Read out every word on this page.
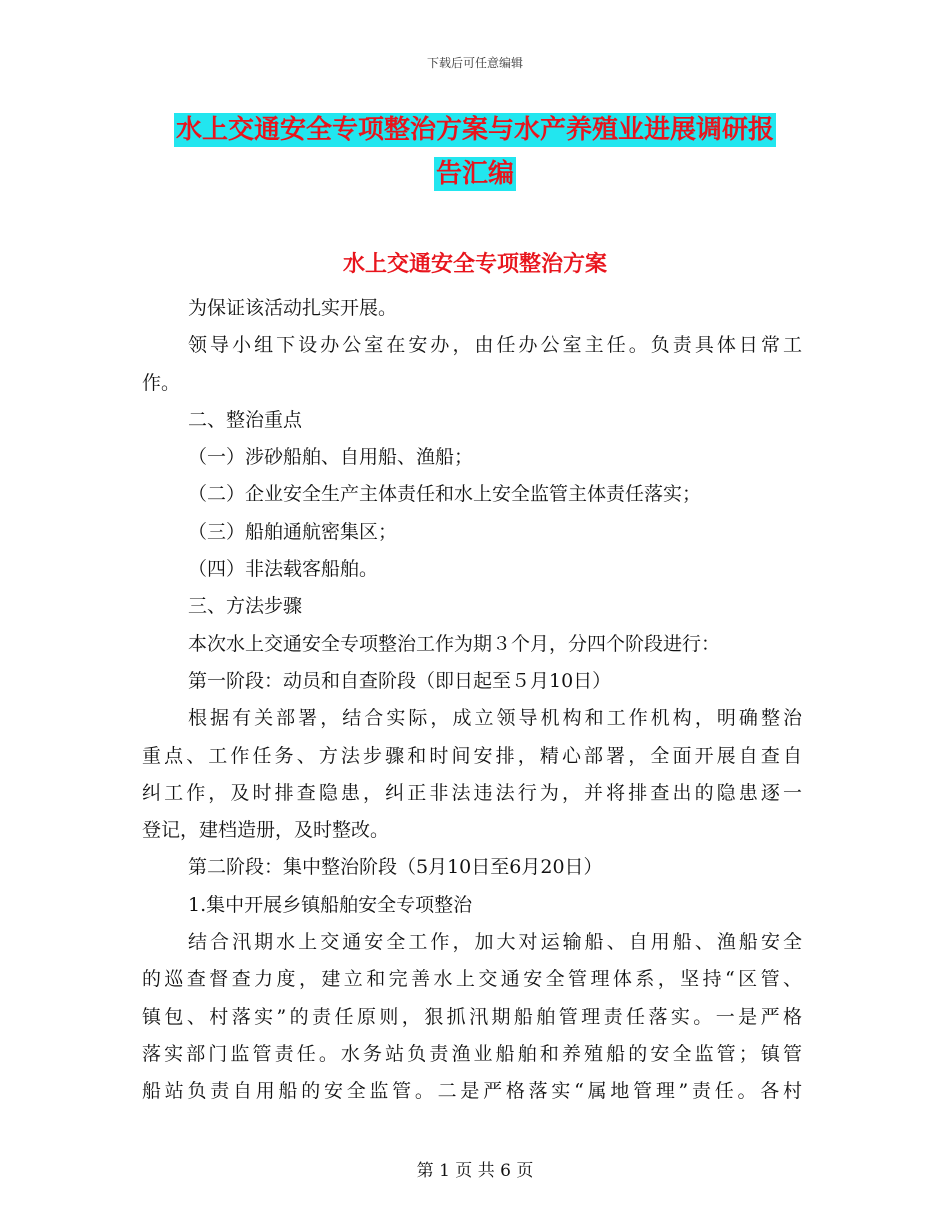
下载后可任意编辑
水上交通安全专项整治方案与水产养殖业进展调研报
告汇编
水上交通安全专项整治方案

为保证该活动扎实开展。

领导小组下设办公室在安办，由任办公室主任。负责具体日常工

作。

二、整治重点

（一）涉砂船舶、自用船、渔船；

（二）企业安全生产主体责任和水上安全监管主体责任落实；

（三）船舶通航密集区；

（四）非法载客船舶。

三、方法步骤

本次水上交通安全专项整治工作为期３个月，分四个阶段进行：

第一阶段：动员和自查阶段（即日起至５月10日）

根据有关部署，结合实际，成立领导机构和工作机构，明确整治

重点、工作任务、方法步骤和时间安排，精心部署，全面开展自查自

纠工作，及时排查隐患，纠正非法违法行为，并将排查出的隐患逐一

登记，建档造册，及时整改。

第二阶段：集中整治阶段（5月10日至6月20日）

1.集中开展乡镇船舶安全专项整治

结合汛期水上交通安全工作，加大对运输船、自用船、渔船安全

的巡查督查力度，建立和完善水上交通安全管理体系，坚持“区管、

镇包、村落实”的责任原则，狠抓汛期船舶管理责任落实。一是严格

落实部门监管责任。水务站负责渔业船舶和养殖船的安全监管；镇管

船站负责自用船的安全监管。二是严格落实“属地管理”责任。各村

第 1 页 共 6 页
